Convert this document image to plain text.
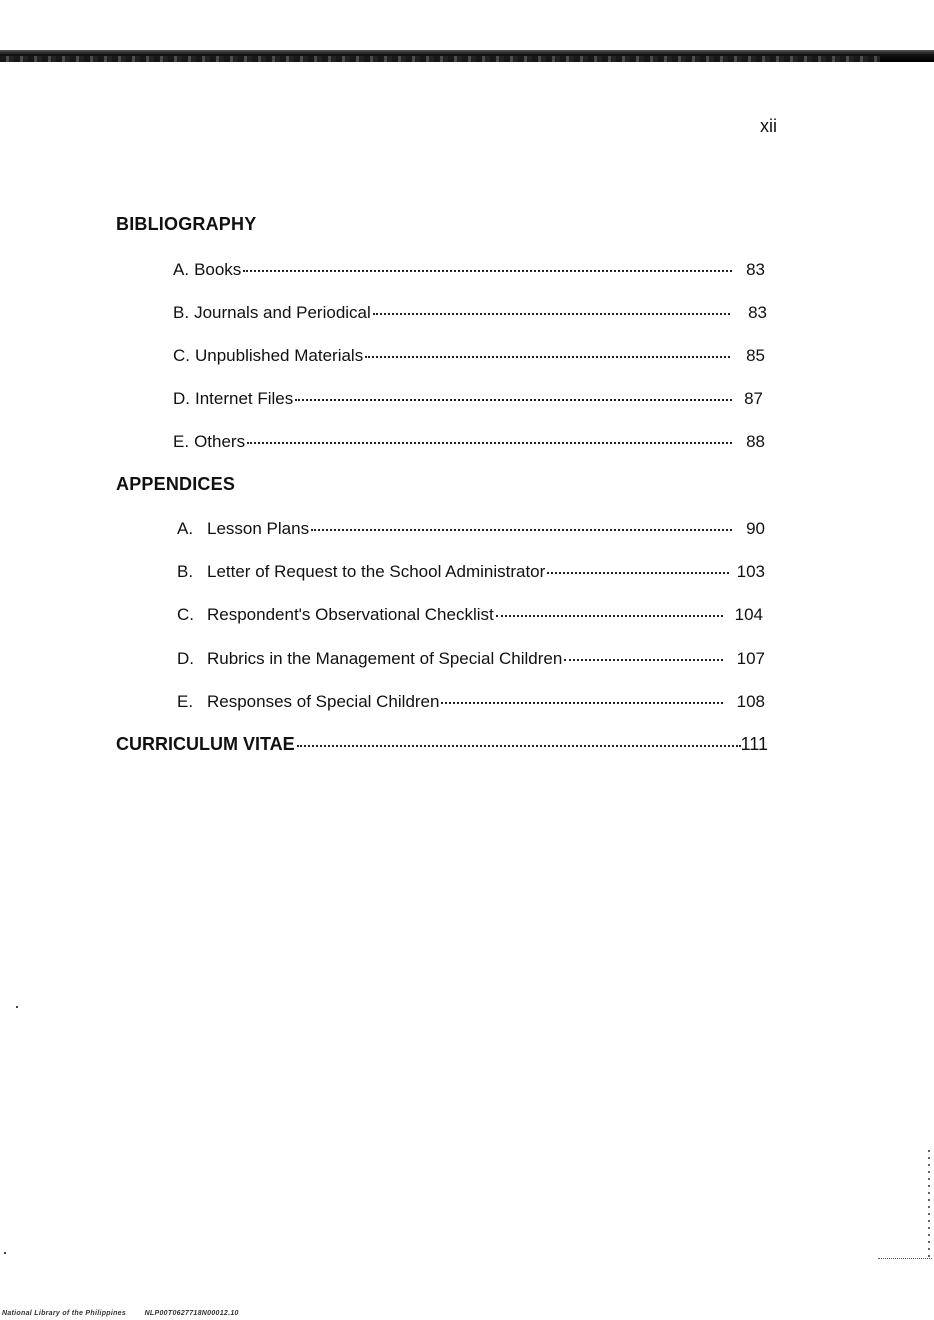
xii
BIBLIOGRAPHY
A. Books	83
B. Journals and Periodical	83
C. Unpublished Materials	85
D. Internet Files	87
E. Others	88
APPENDICES
A. Lesson Plans	90
B. Letter of Request to the School Administrator	103
C. Respondent's Observational Checklist	104
D. Rubrics in the Management of Special Children	107
E. Responses of Special Children	108
CURRICULUM VITAE	111
National Library of the Philippines	NLP00T0627718N00012.10
